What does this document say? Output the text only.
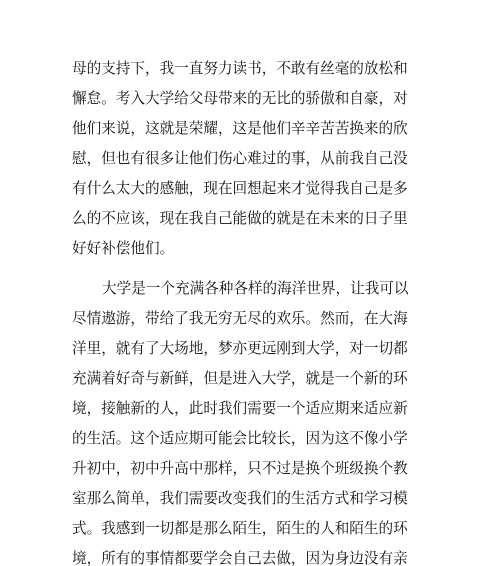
母的支持下，我一直努力读书，不敢有丝毫的放松和
懈怠。考入大学给父母带来的无比的骄傲和自豪，对
他们来说，这就是荣耀，这是他们辛辛苦苦换来的欣
慰，但也有很多让他们伤心难过的事，从前我自己没
有什么太大的感触，现在回想起来才觉得我自己是多
么的不应该，现在我自己能做的就是在未来的日子里
好好补偿他们。
大学是一个充满各种各样的海洋世界，让我可以
尽情遨游，带给了我无穷无尽的欢乐。然而，在大海
洋里，就有了大场地，梦亦更远刚到大学，对一切都
充满着好奇与新鲜，但是进入大学，就是一个新的环
境，接触新的人，此时我们需要一个适应期来适应新
的生活。这个适应期可能会比较长，因为这不像小学
升初中，初中升高中那样，只不过是换个班级换个教
室那么简单，我们需要改变我们的生活方式和学习模
式。我感到一切都是那么陌生，陌生的人和陌生的环
境，所有的事情都要学会自己去做，因为身边没有亲
